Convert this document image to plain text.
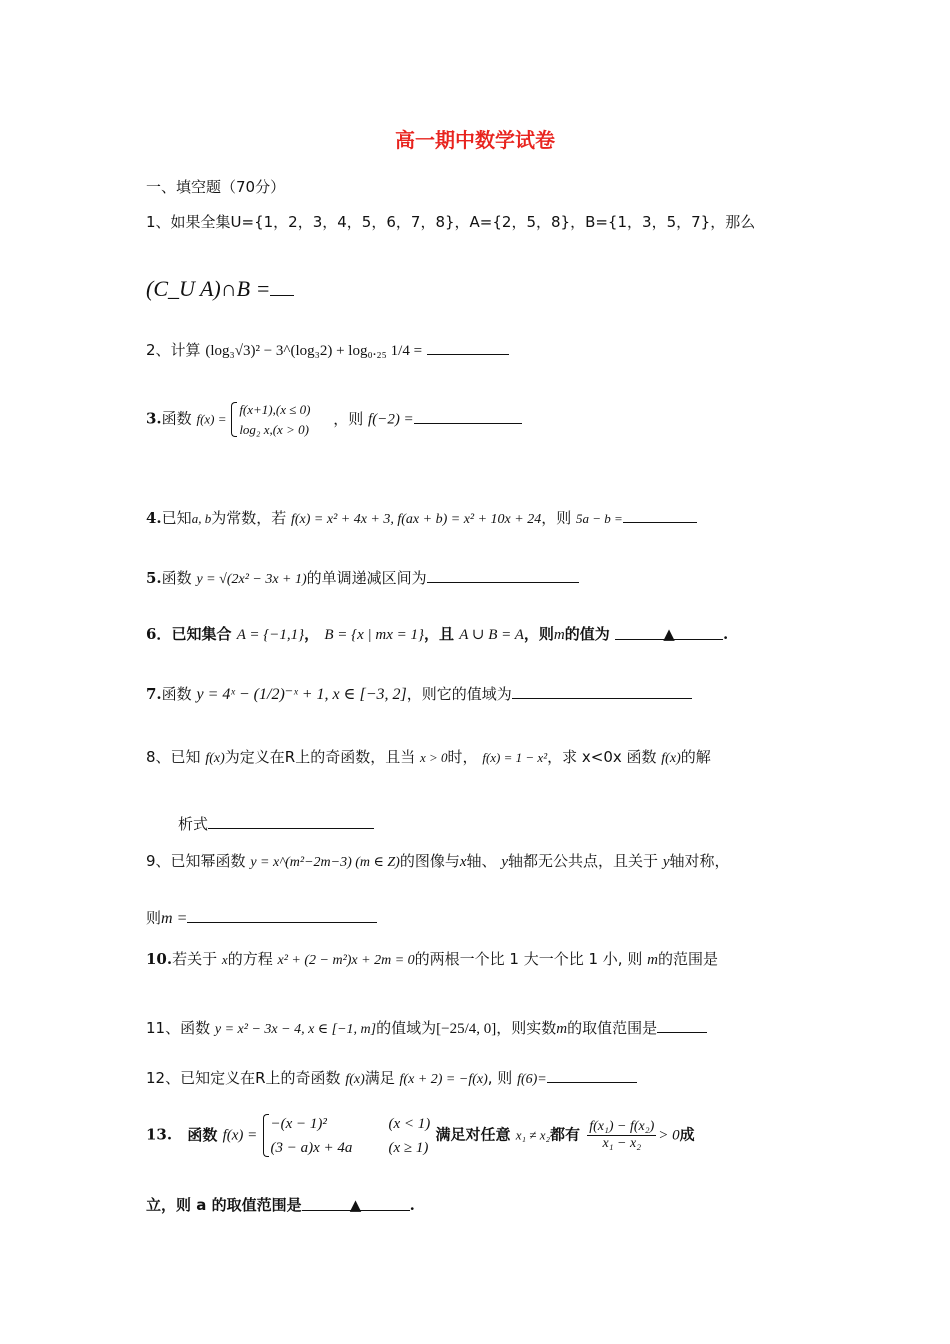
高一期中数学试卷
一、填空题（70分）
1、如果全集U={1，2，3，4，5，6，7，8}，A={2，5，8}，B={1，3，5，7}，那么
(C_U A)∩B =
2、计算 (log₃√3)² − 3^(log₃2) + log₀.₂₅ 1/4 =
3.函数 f(x) =
f(x+1),(x ≤ 0)
log₂ x,(x > 0)
，则 f(−2) =
4.已知a, b为常数，若 f(x) = x² + 4x + 3, f(ax + b) = x² + 10x + 24，则 5a − b =
5.函数 y = √(2x² − 3x + 1)的单调递减区间为
6．已知集合 A = {−1,1}， B = {x | mx = 1}，且 A ∪ B = A，则m的值为	▲	.
7.函数 y = 4ˣ − (1/2)⁻ˣ + 1, x ∈ [−3, 2]，则它的值域为
8、已知 f(x)为定义在R上的奇函数，且当 x > 0时， f(x) = 1 − x²，求 x<0x 函数 f(x)的解
析式
9、已知幂函数 y = x^(m²−2m−3) (m ∈ Z)的图像与x轴、 y轴都无公共点，且关于 y轴对称，
则m =
10.若关于 x的方程 x² + (2 − m²)x + 2m = 0的两根一个比 1 大一个比 1 小, 则 m的范围是
11、函数 y = x² − 3x − 4, x ∈ [−1, m]的值域为[−25/4, 0]，则实数m的取值范围是
12、已知定义在R上的奇函数 f(x)满足 f(x + 2) = −f(x), 则 f(6)=
13. 函数 f(x) =
−(x − 1)²	(x < 1)
(3 − a)x + 4a (x ≥ 1)
满足对任意 x₁ ≠ x₂都有 $\frac{\text{f(x₁) − f(x₂)}}{\text{x₁ − x₂}} > 0$成
立，则 a 的取值范围是	▲	.
